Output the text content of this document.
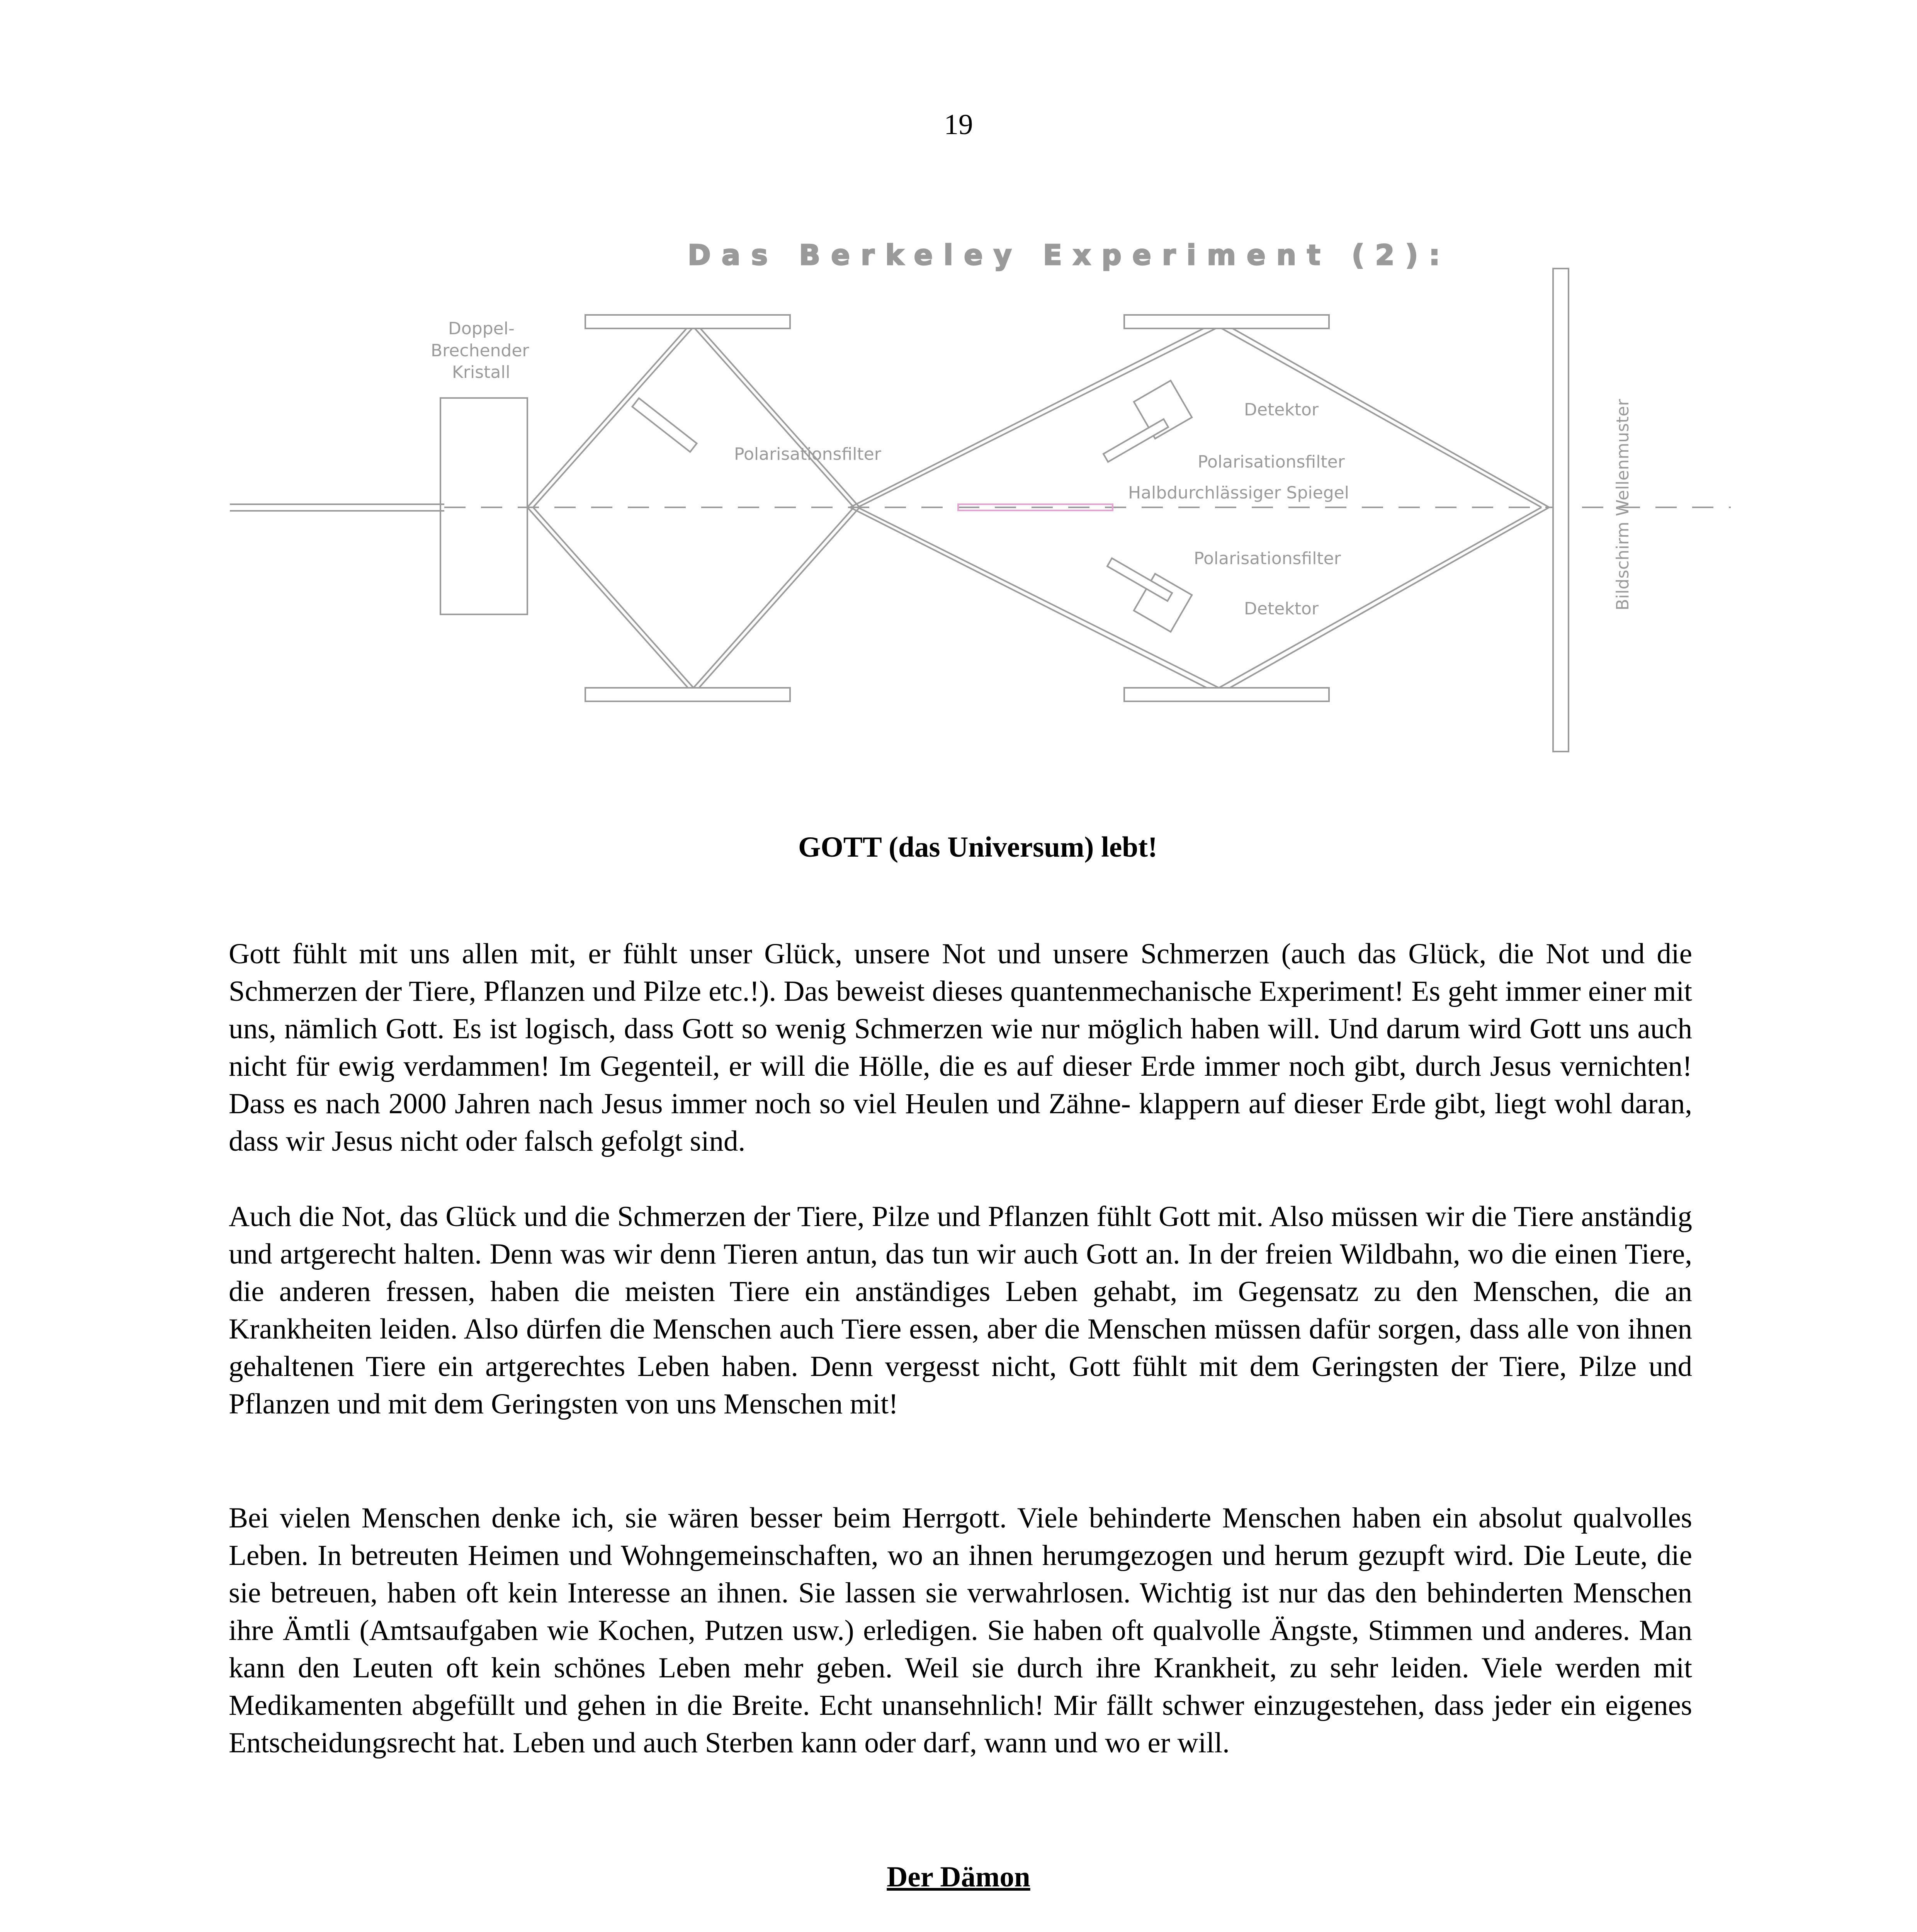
19
Das Berkeley Experiment (2):
Doppel-
Brechender
Kristall
Polarisationsfilter
Detektor
Polarisationsfilter
Halbdurchlässiger Spiegel
Polarisationsfilter
Detektor	Bildschirm Wellenmuster
GOTT (das Universum) lebt!

Gott fühlt mit uns allen mit, er fühlt unser Glück, unsere Not und unsere Schmerzen (auch das Glück, die Not und die Schmerzen der Tiere, Pflanzen und Pilze etc.!). Das beweist dieses quantenmechanische Experiment! Es geht immer einer mit uns, nämlich Gott. Es ist logisch, dass Gott so wenig Schmerzen wie nur möglich haben will. Und darum wird Gott uns auch nicht für ewig verdammen! Im Gegenteil, er will die Hölle, die es auf dieser Erde immer noch gibt, durch Jesus vernichten! Dass es nach 2000 Jahren nach Jesus immer noch so viel Heulen und Zähne- klappern auf dieser Erde gibt, liegt wohl daran, dass wir Jesus nicht oder falsch gefolgt sind.

Auch die Not, das Glück und die Schmerzen der Tiere, Pilze und Pflanzen fühlt Gott mit. Also müssen wir die Tiere anständig und artgerecht halten. Denn was wir denn Tieren antun, das tun wir auch Gott an. In der freien Wildbahn, wo die einen Tiere, die anderen fressen, haben die meisten Tiere ein anständiges Leben gehabt, im Gegensatz zu den Menschen, die an Krankheiten leiden. Also dürfen die Menschen auch Tiere essen, aber die Menschen müssen dafür sorgen, dass alle von ihnen gehaltenen Tiere ein artgerechtes Leben haben. Denn vergesst nicht, Gott fühlt mit dem Geringsten der Tiere, Pilze und Pflanzen und mit dem Geringsten von uns Menschen mit!

Bei vielen Menschen denke ich, sie wären besser beim Herrgott. Viele behinderte Menschen haben ein absolut qualvolles Leben. In betreuten Heimen und Wohngemeinschaften, wo an ihnen herumgezogen und herum gezupft wird. Die Leute, die sie betreuen, haben oft kein Interesse an ihnen. Sie lassen sie verwahrlosen. Wichtig ist nur das den behinderten Menschen ihre Ämtli (Amtsaufgaben wie Kochen, Putzen usw.) erledigen. Sie haben oft qualvolle Ängste, Stimmen und anderes. Man kann den Leuten oft kein schönes Leben mehr geben. Weil sie durch ihre Krankheit, zu sehr leiden. Viele werden mit Medikamenten abgefüllt und gehen in die Breite. Echt unansehnlich! Mir fällt schwer einzugestehen, dass jeder ein eigenes Entscheidungsrecht hat. Leben und auch Sterben kann oder darf, wann und wo er will.

Der Dämon
